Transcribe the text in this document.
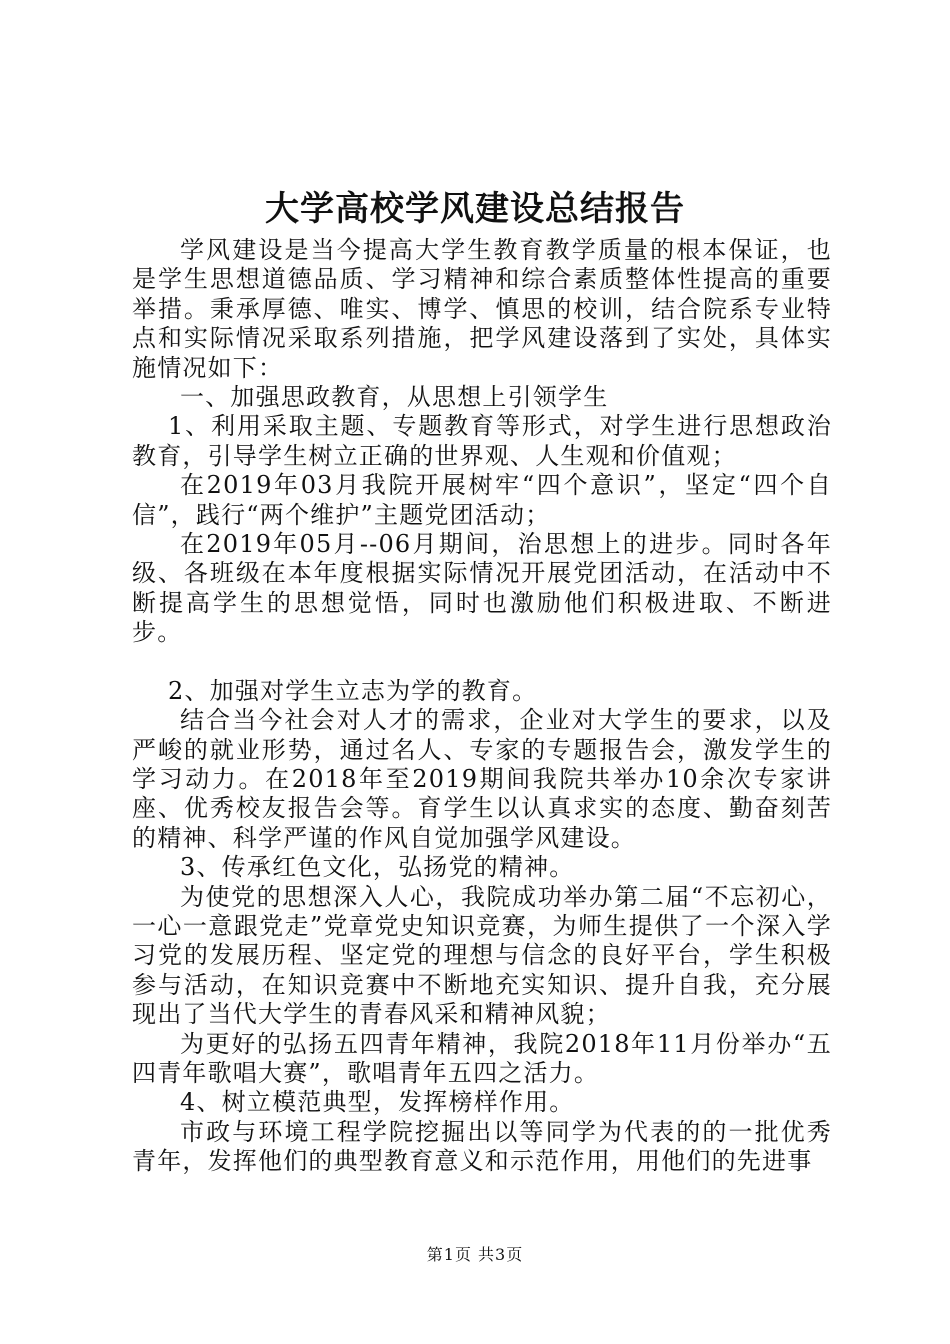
大学高校学风建设总结报告

学风建设是当今提高大学生教育教学质量的根本保证，也是学生思想道德品质、学习精神和综合素质整体性提高的重要举措。秉承厚德、唯实、博学、慎思的校训，结合院系专业特点和实际情况采取系列措施，把学风建设落到了实处，具体实施情况如下：

一、加强思政教育，从思想上引领学生

1、利用采取主题、专题教育等形式，对学生进行思想政治教育，引导学生树立正确的世界观、人生观和价值观；

在2019年03月我院开展树牢“四个意识”，坚定“四个自信”，践行“两个维护”主题党团活动；

在2019年05月--06月期间，治思想上的进步。同时各年级、各班级在本年度根据实际情况开展党团活动，在活动中不断提高学生的思想觉悟，同时也激励他们积极进取、不断进步。

2、加强对学生立志为学的教育。

结合当今社会对人才的需求，企业对大学生的要求，以及严峻的就业形势，通过名人、专家的专题报告会，激发学生的学习动力。在2018年至2019期间我院共举办10余次专家讲座、优秀校友报告会等。育学生以认真求实的态度、勤奋刻苦的精神、科学严谨的作风自觉加强学风建设。

3、传承红色文化，弘扬党的精神。

为使党的思想深入人心，我院成功举办第二届“不忘初心，一心一意跟党走”党章党史知识竞赛，为师生提供了一个深入学习党的发展历程、坚定党的理想与信念的良好平台，学生积极参与活动，在知识竞赛中不断地充实知识、提升自我，充分展现出了当代大学生的青春风采和精神风貌；

为更好的弘扬五四青年精神，我院2018年11月份举办“五四青年歌唱大赛”，歌唱青年五四之活力。

4、树立模范典型，发挥榜样作用。

市政与环境工程学院挖掘出以等同学为代表的的一批优秀青年，发挥他们的典型教育意义和示范作用，用他们的先进事

第1页 共3页
